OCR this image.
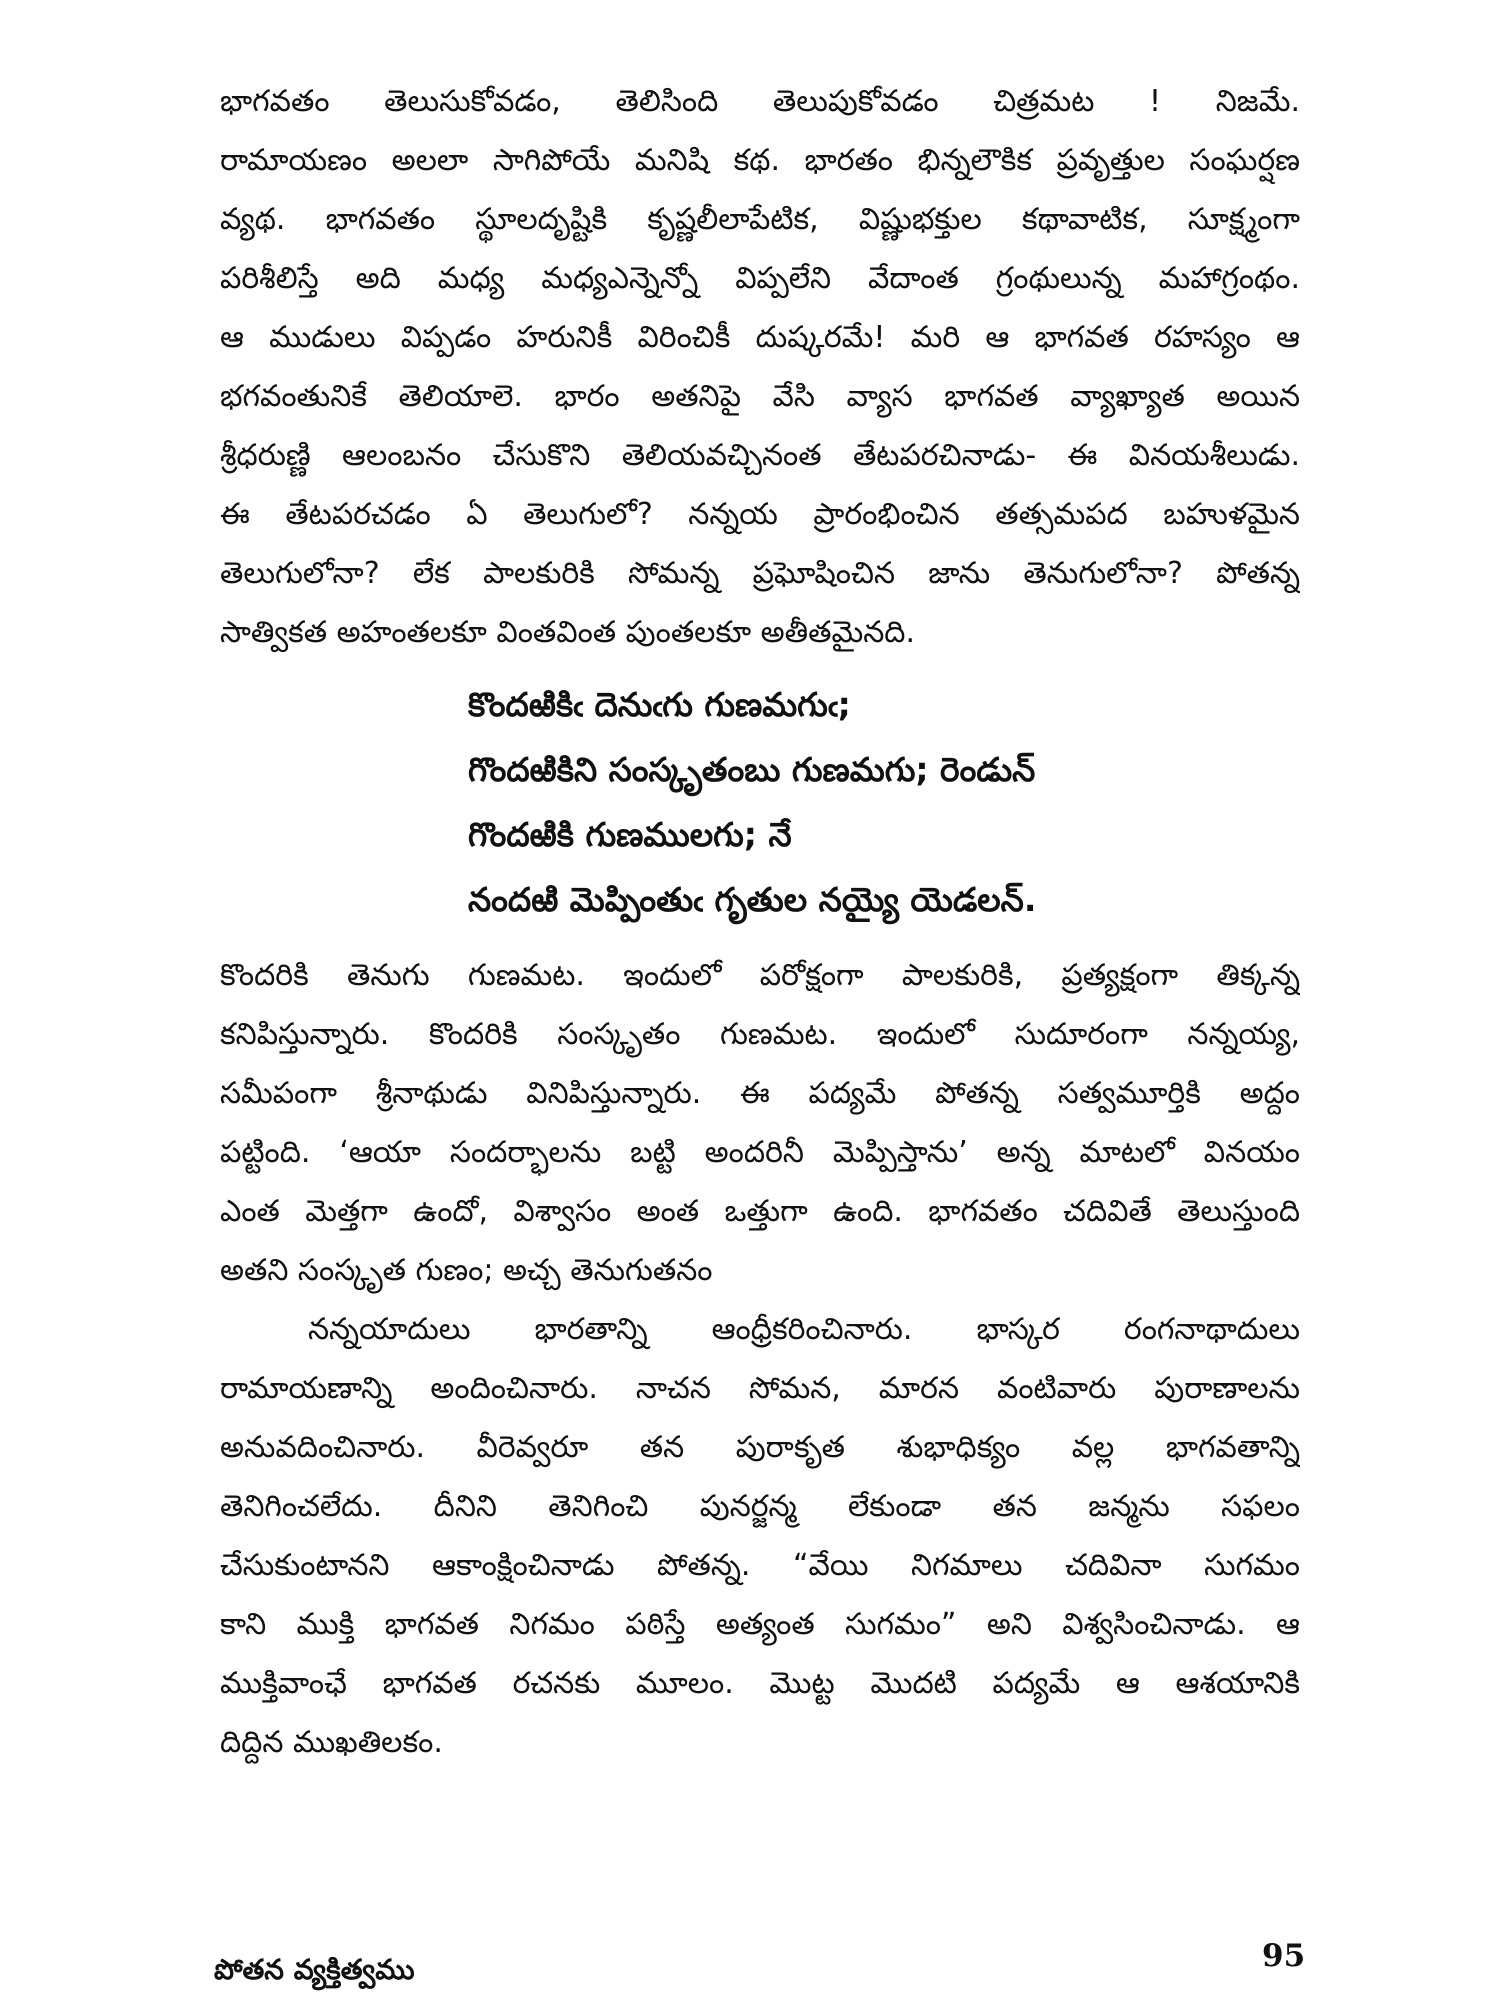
భాగవతం తెలుసుకోవడం, తెలిసింది తెలుపుకోవడం చిత్రమట ! నిజమే.
రామాయణం అలలా సాగిపోయే మనిషి కథ. భారతం భిన్నలౌకిక ప్రవృత్తుల సంఘర్షణ
వ్యథ. భాగవతం స్థూలదృష్టికి కృష్ణలీలాపేటిక, విష్ణుభక్తుల కథావాటిక, సూక్ష్మంగా
పరిశీలిస్తే అది మధ్య మధ్యఎన్నెన్నో విప్పలేని వేదాంత గ్రంథులున్న మహాగ్రంథం.
ఆ ముడులు విప్పడం హరునికీ విరించికీ దుష్కరమే! మరి ఆ భాగవత రహస్యం ఆ
భగవంతునికే తెలియాలె. భారం అతనిపై వేసి వ్యాస భాగవత వ్యాఖ్యాత అయిన
శ్రీధరుణ్ణి ఆలంబనం చేసుకొని తెలియవచ్చినంత తేటపరచినాడు- ఈ వినయశీలుడు.
ఈ తేటపరచడం ఏ తెలుగులో? నన్నయ ప్రారంభించిన తత్సమపద బహుళమైన
తెలుగులోనా? లేక పాలకురికి సోమన్న ప్రఘోషించిన జాను తెనుగులోనా? పోతన్న
సాత్వికత అహంతలకూ వింతవింత పుంతలకూ అతీతమైనది.
కొందఱికిఁ దెనుఁగు గుణమగుఁ;
గొందఱికిని సంస్కృతంబు గుణమగు; రెండున్
గొందఱికి గుణములగు; నే
నందఱి మెప్పింతుఁ గృతుల నయ్యై యెడలన్.
కొందరికి తెనుగు గుణమట. ఇందులో పరోక్షంగా పాలకురికి, ప్రత్యక్షంగా తిక్కన్న
కనిపిస్తున్నారు. కొందరికి సంస్కృతం గుణమట. ఇందులో సుదూరంగా నన్నయ్య,
సమీపంగా శ్రీనాథుడు వినిపిస్తున్నారు. ఈ పద్యమే పోతన్న సత్వమూర్తికి అద్దం
పట్టింది. ‘ఆయా సందర్భాలను బట్టి అందరినీ మెప్పిస్తాను’ అన్న మాటలో వినయం
ఎంత మెత్తగా ఉందో, విశ్వాసం అంత ఒత్తుగా ఉంది. భాగవతం చదివితే తెలుస్తుంది
అతని సంస్కృత గుణం; అచ్చ తెనుగుతనం
నన్నయాదులు భారతాన్ని ఆంధ్రీకరించినారు. భాస్కర రంగనాథాదులు
రామాయణాన్ని అందించినారు. నాచన సోమన, మారన వంటివారు పురాణాలను
అనువదించినారు. వీరెవ్వరూ తన పురాకృత శుభాధిక్యం వల్ల భాగవతాన్ని
తెనిగించలేదు. దీనిని తెనిగించి పునర్జన్మ లేకుండా తన జన్మను సఫలం
చేసుకుంటానని ఆకాంక్షించినాడు పోతన్న. “వేయి నిగమాలు చదివినా సుగమం
కాని ముక్తి భాగవత నిగమం పఠిస్తే అత్యంత సుగమం” అని విశ్వసించినాడు. ఆ
ముక్తివాంఛే భాగవత రచనకు మూలం. మొట్ట మొదటి పద్యమే ఆ ఆశయానికి
దిద్దిన ముఖతిలకం.
పోతన వ్యక్తిత్వము	95
